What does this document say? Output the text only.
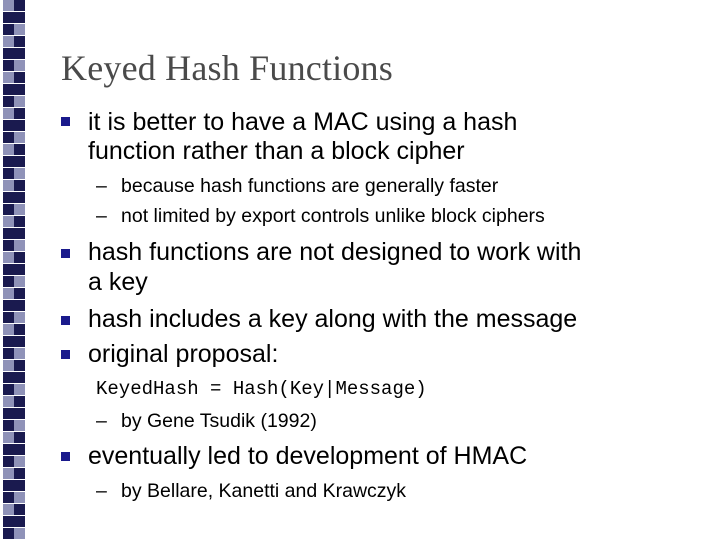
Keyed Hash Functions
it is better to have a MAC using a hash
function rather than a block cipher
– because hash functions are generally faster
– not limited by export controls unlike block ciphers
hash functions are not designed to work with
a key
hash includes a key along with the message
original proposal:
KeyedHash = Hash(Key|Message)
– by Gene Tsudik (1992)
eventually led to development of HMAC
– by Bellare, Kanetti and Krawczyk
